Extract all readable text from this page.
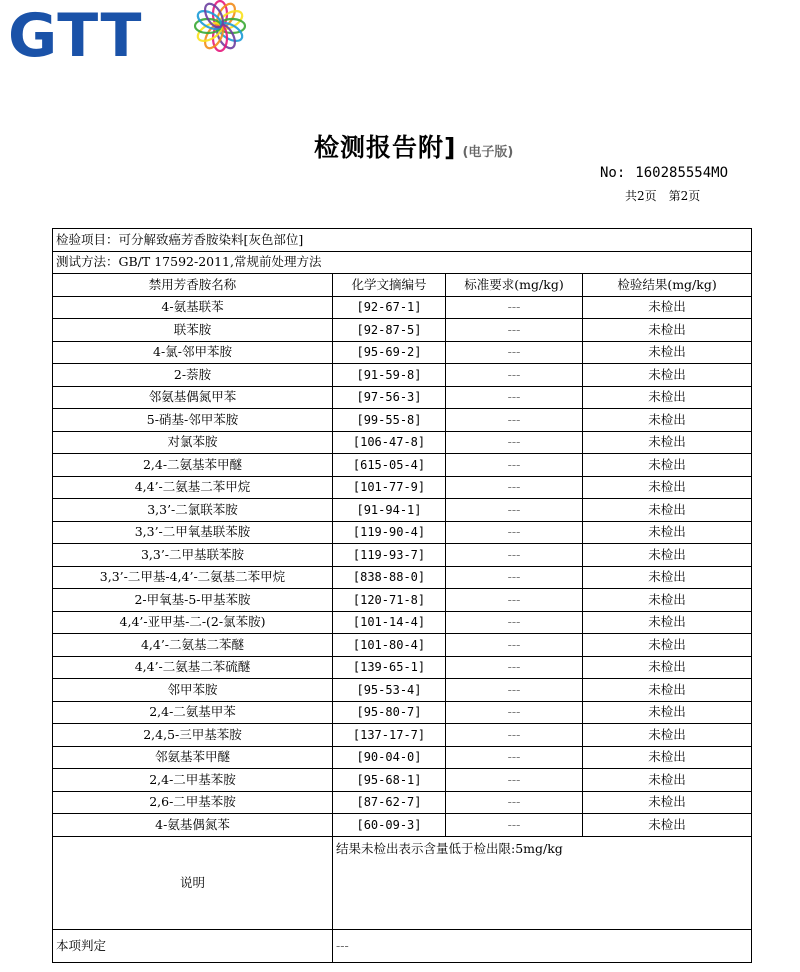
GTT
检测报告附] (电子版)
No: 160285554MO
共2页 第2页
检验项目：可分解致癌芳香胺染料[灰色部位]			
测试方法：GB/T 17592-2011,常规前处理方法			
禁用芳香胺名称	化学文摘编号	标准要求(mg/kg)	检验结果(mg/kg)
4-氨基联苯	[92-67-1]	---	未检出
联苯胺	[92-87-5]	---	未检出
4-氯-邻甲苯胺	[95-69-2]	---	未检出
2-萘胺	[91-59-8]	---	未检出
邻氨基偶氮甲苯	[97-56-3]	---	未检出
5-硝基-邻甲苯胺	[99-55-8]	---	未检出
对氯苯胺	[106-47-8]	---	未检出
2,4-二氨基苯甲醚	[615-05-4]	---	未检出
4,4’-二氨基二苯甲烷	[101-77-9]	---	未检出
3,3’-二氯联苯胺	[91-94-1]	---	未检出
3,3’-二甲氧基联苯胺	[119-90-4]	---	未检出
3,3’-二甲基联苯胺	[119-93-7]	---	未检出
3,3’-二甲基-4,4’-二氨基二苯甲烷	[838-88-0]	---	未检出
2-甲氧基-5-甲基苯胺	[120-71-8]	---	未检出
4,4’-亚甲基-二-(2-氯苯胺)	[101-14-4]	---	未检出
4,4’-二氨基二苯醚	[101-80-4]	---	未检出
4,4’-二氨基二苯硫醚	[139-65-1]	---	未检出
邻甲苯胺	[95-53-4]	---	未检出
2,4-二氨基甲苯	[95-80-7]	---	未检出
2,4,5-三甲基苯胺	[137-17-7]	---	未检出
邻氨基苯甲醚	[90-04-0]	---	未检出
2,4-二甲基苯胺	[95-68-1]	---	未检出
2,6-二甲基苯胺	[87-62-7]	---	未检出
4-氨基偶氮苯	[60-09-3]	---	未检出
说明	结果未检出表示含量低于检出限:5mg/kg		
本项判定	---		
